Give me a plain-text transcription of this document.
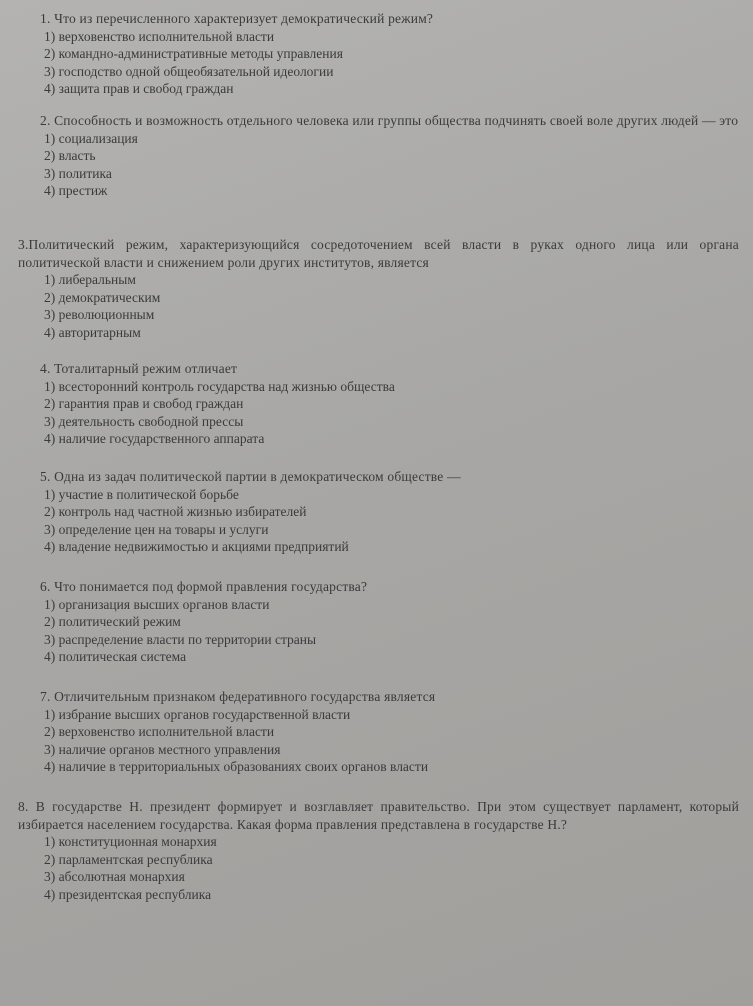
1. Что из перечисленного характеризует демократический режим?

1) верховенство исполнительной власти
2) командно-административные методы управления
3) господство одной общеобязательной идеологии
4) защита прав и свобод граждан

2. Способность и возможность отдельного человека или группы общества подчинять своей воле других людей — это

1) социализация
2) власть
3) политика
4) престиж

3.Политический режим, характеризующийся сосредоточением всей власти в руках одного лица или органа политической власти и снижением роли других институтов, является

1) либеральным
2) демократическим
3) революционным
4) авторитарным

4. Тоталитарный режим отличает

1) всесторонний контроль государства над жизнью общества
2) гарантия прав и свобод граждан
3) деятельность свободной прессы
4) наличие государственного аппарата

5. Одна из задач политической партии в демократическом обществе —

1) участие в политической борьбе
2) контроль над частной жизнью избирателей
3) определение цен на товары и услуги
4) владение недвижимостью и акциями предприятий

6. Что понимается под формой правления государства?

1) организация высших органов власти
2) политический режим
3) распределение власти по территории страны
4) политическая система

7. Отличительным признаком федеративного государства является

1) избрание высших органов государственной власти
2) верховенство исполнительной власти
3) наличие органов местного управления
4) наличие в территориальных образованиях своих органов власти

8. В государстве Н. президент формирует и возглавляет правительство. При этом существует парламент, который избирается населением государства. Какая форма правления представлена в государстве Н.?

1) конституционная монархия
2) парламентская республика
3) абсолютная монархия
4) президентская республика
